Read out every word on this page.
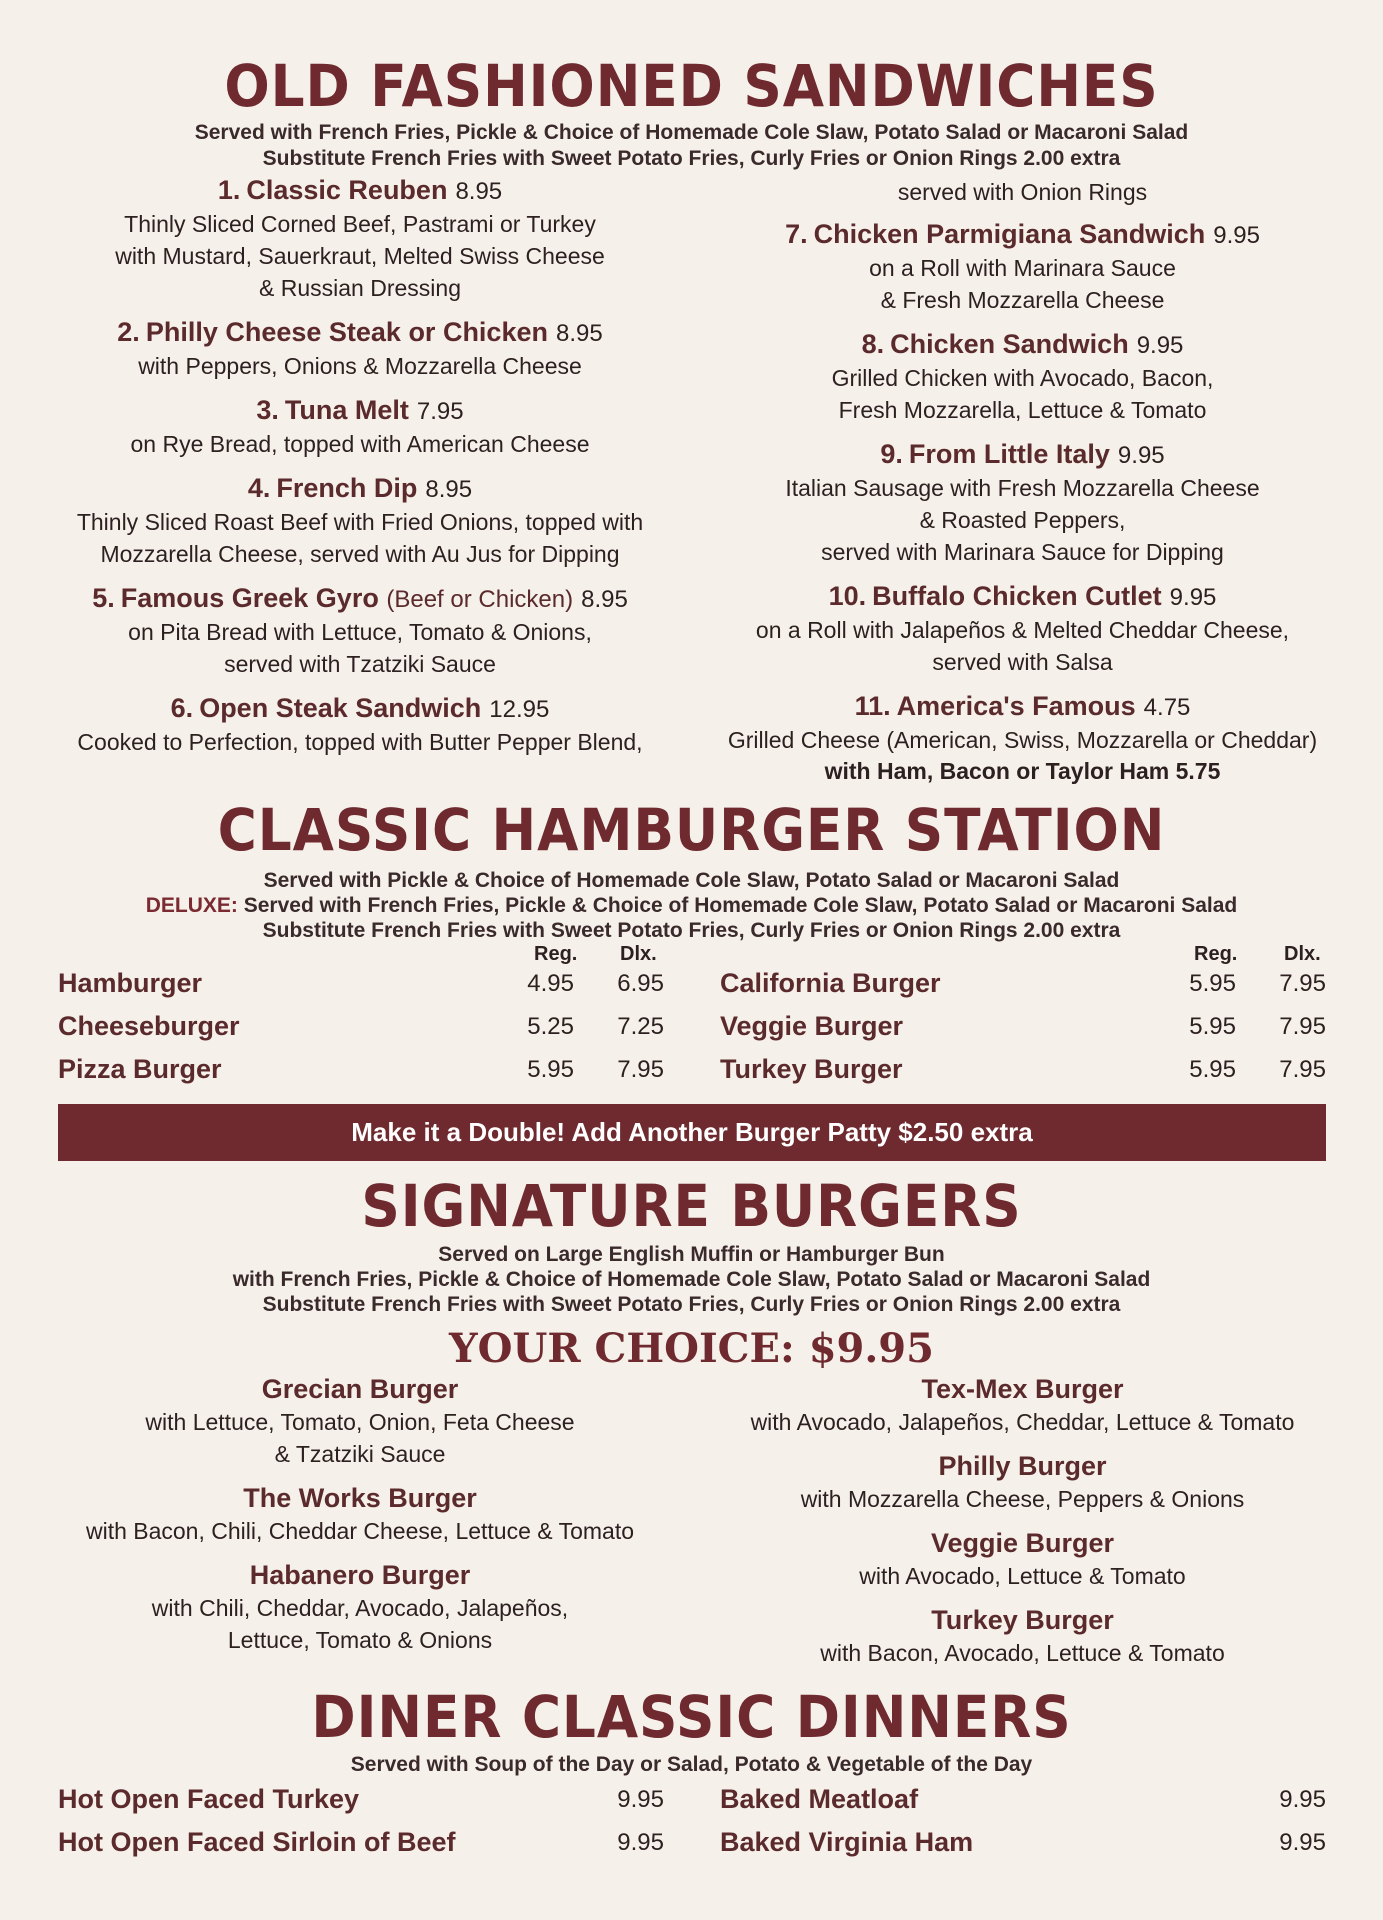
OLD FASHIONED SANDWICHES
Served with French Fries, Pickle & Choice of Homemade Cole Slaw, Potato Salad or Macaroni Salad
Substitute French Fries with Sweet Potato Fries, Curly Fries or Onion Rings 2.00 extra
1. Classic Reuben 8.95
Thinly Sliced Corned Beef, Pastrami or Turkey
with Mustard, Sauerkraut, Melted Swiss Cheese
& Russian Dressing
2. Philly Cheese Steak or Chicken 8.95
with Peppers, Onions & Mozzarella Cheese
3. Tuna Melt 7.95
on Rye Bread, topped with American Cheese
4. French Dip 8.95
Thinly Sliced Roast Beef with Fried Onions, topped with
Mozzarella Cheese, served with Au Jus for Dipping
5. Famous Greek Gyro (Beef or Chicken) 8.95
on Pita Bread with Lettuce, Tomato & Onions,
served with Tzatziki Sauce
6. Open Steak Sandwich 12.95
Cooked to Perfection, topped with Butter Pepper Blend,
served with Onion Rings
7. Chicken Parmigiana Sandwich 9.95
on a Roll with Marinara Sauce
& Fresh Mozzarella Cheese
8. Chicken Sandwich 9.95
Grilled Chicken with Avocado, Bacon,
Fresh Mozzarella, Lettuce & Tomato
9. From Little Italy 9.95
Italian Sausage with Fresh Mozzarella Cheese
& Roasted Peppers,
served with Marinara Sauce for Dipping
10. Buffalo Chicken Cutlet 9.95
on a Roll with Jalapeños & Melted Cheddar Cheese,
served with Salsa
11. America's Famous 4.75
Grilled Cheese (American, Swiss, Mozzarella or Cheddar)
with Ham, Bacon or Taylor Ham 5.75
CLASSIC HAMBURGER STATION
Served with Pickle & Choice of Homemade Cole Slaw, Potato Salad or Macaroni Salad
DELUXE: Served with French Fries, Pickle & Choice of Homemade Cole Slaw, Potato Salad or Macaroni Salad
Substitute French Fries with Sweet Potato Fries, Curly Fries or Onion Rings 2.00 extra
Reg. Dlx.	Reg. Dlx.
Hamburger	4.95	6.95
Cheeseburger	5.25	7.25
Pizza Burger	5.95	7.95
California Burger	5.95	7.95
Veggie Burger	5.95	7.95
Turkey Burger	5.95	7.95
Make it a Double! Add Another Burger Patty $2.50 extra
SIGNATURE BURGERS
Served on Large English Muffin or Hamburger Bun
with French Fries, Pickle & Choice of Homemade Cole Slaw, Potato Salad or Macaroni Salad
Substitute French Fries with Sweet Potato Fries, Curly Fries or Onion Rings 2.00 extra
YOUR CHOICE: $9.95
Grecian Burger
with Lettuce, Tomato, Onion, Feta Cheese
& Tzatziki Sauce
The Works Burger
with Bacon, Chili, Cheddar Cheese, Lettuce & Tomato
Habanero Burger
with Chili, Cheddar, Avocado, Jalapeños,
Lettuce, Tomato & Onions
Tex-Mex Burger
with Avocado, Jalapeños, Cheddar, Lettuce & Tomato
Philly Burger
with Mozzarella Cheese, Peppers & Onions
Veggie Burger
with Avocado, Lettuce & Tomato
Turkey Burger
with Bacon, Avocado, Lettuce & Tomato
DINER CLASSIC DINNERS
Served with Soup of the Day or Salad, Potato & Vegetable of the Day
Hot Open Faced Turkey	9.95
Hot Open Faced Sirloin of Beef	9.95
Baked Meatloaf	9.95
Baked Virginia Ham	9.95
